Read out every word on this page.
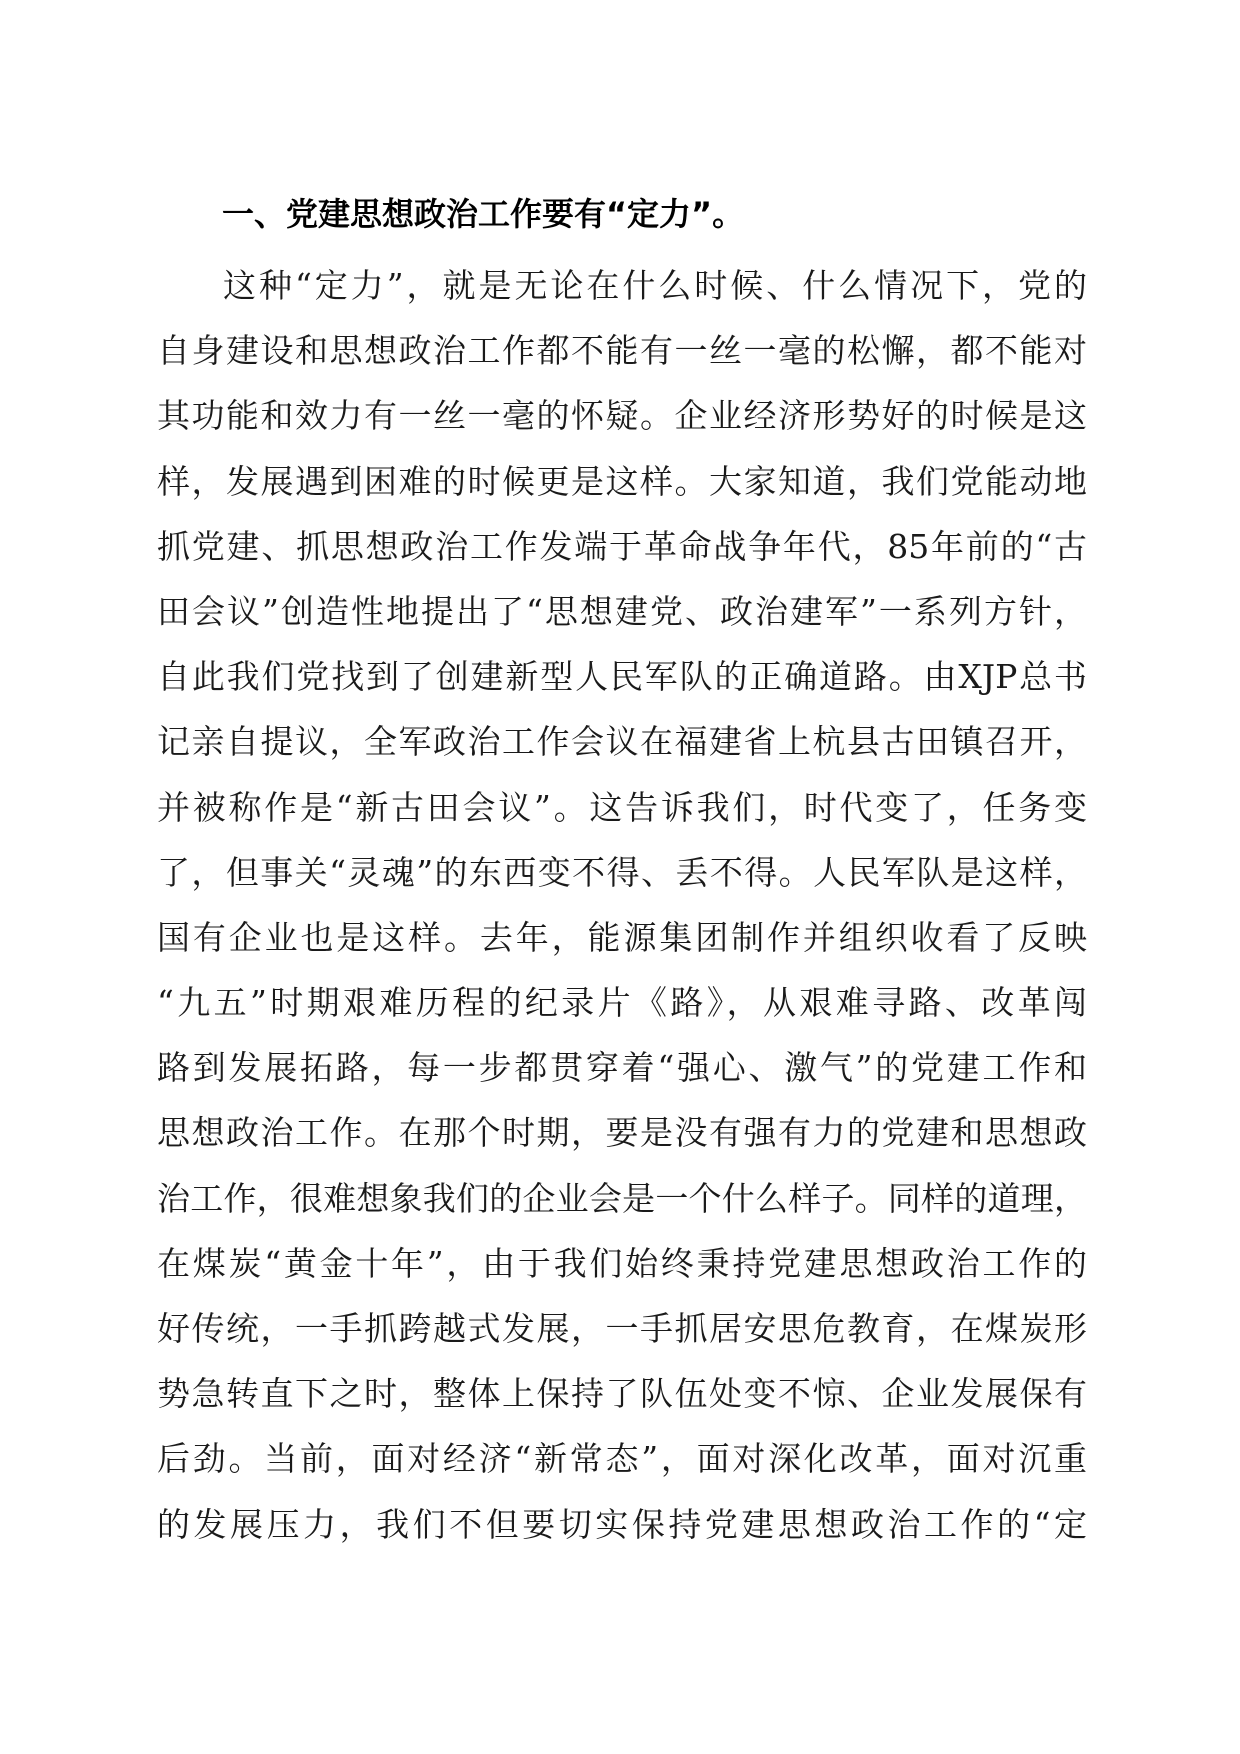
一、党建思想政治工作要有“定力”。
这种“定力”，就是无论在什么时候、什么情况下，党的
自身建设和思想政治工作都不能有一丝一毫的松懈，都不能对
其功能和效力有一丝一毫的怀疑。企业经济形势好的时候是这
样，发展遇到困难的时候更是这样。大家知道，我们党能动地
抓党建、抓思想政治工作发端于革命战争年代，85年前的“古
田会议”创造性地提出了“思想建党、政治建军”一系列方针，
自此我们党找到了创建新型人民军队的正确道路。由XJP总书
记亲自提议，全军政治工作会议在福建省上杭县古田镇召开，
并被称作是“新古田会议”。这告诉我们，时代变了，任务变
了，但事关“灵魂”的东西变不得、丢不得。人民军队是这样，
国有企业也是这样。去年，能源集团制作并组织收看了反映
“九五”时期艰难历程的纪录片《路》，从艰难寻路、改革闯
路到发展拓路，每一步都贯穿着“强心、激气”的党建工作和
思想政治工作。在那个时期，要是没有强有力的党建和思想政
治工作，很难想象我们的企业会是一个什么样子。同样的道理，
在煤炭“黄金十年”，由于我们始终秉持党建思想政治工作的
好传统，一手抓跨越式发展，一手抓居安思危教育，在煤炭形
势急转直下之时，整体上保持了队伍处变不惊、企业发展保有
后劲。当前，面对经济“新常态”，面对深化改革，面对沉重
的发展压力，我们不但要切实保持党建思想政治工作的“定
